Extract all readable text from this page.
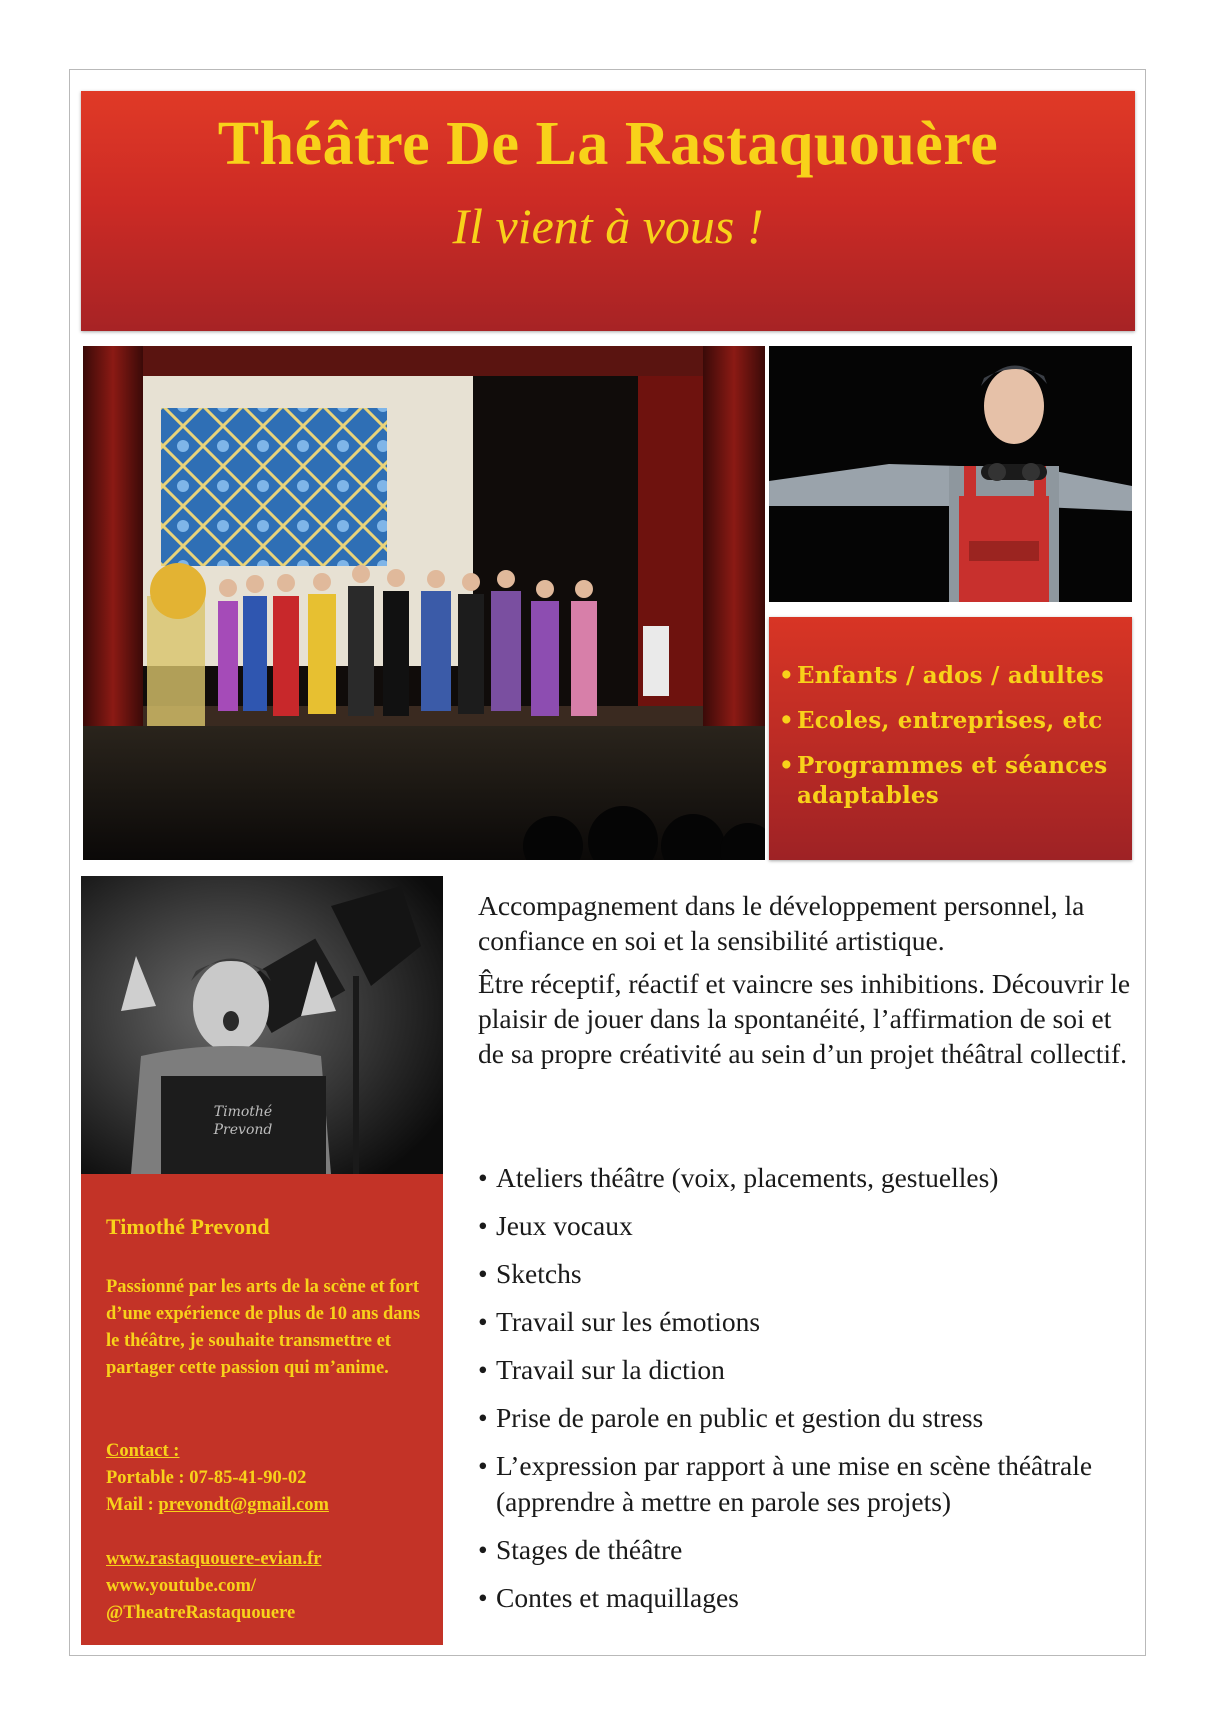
Théâtre De La Rastaquouère
Il vient à vous !
• Enfants / ados / adultes
• Ecoles, entreprises, etc
• Programmes et séances adaptables
Timothé
Prevond
Timothé Prevond
Passionné par les arts de la scène et fort d’une expérience de plus de 10 ans dans le théâtre, je souhaite transmettre et partager cette passion qui m’anime.
Contact :
Portable : 07-85-41-90-02
Mail : prevondt@gmail.com
www.rastaquouere-evian.fr
www.youtube.com/
@TheatreRastaquouere

Accompagnement dans le développement personnel, la confiance en soi et la sensibilité artistique.

Être réceptif, réactif et vaincre ses inhibitions. Découvrir le plaisir de jouer dans la spontanéité, l’affirmation de soi et de sa propre créativité au sein d’un projet théâtral collectif.

• Ateliers théâtre (voix, placements, gestuelles)
• Jeux vocaux
• Sketchs
• Travail sur les émotions
• Travail sur la diction
• Prise de parole en public et gestion du stress
• L’expression par rapport à une mise en scène théâtrale (apprendre à mettre en parole ses projets)
• Stages de théâtre
• Contes et maquillages
